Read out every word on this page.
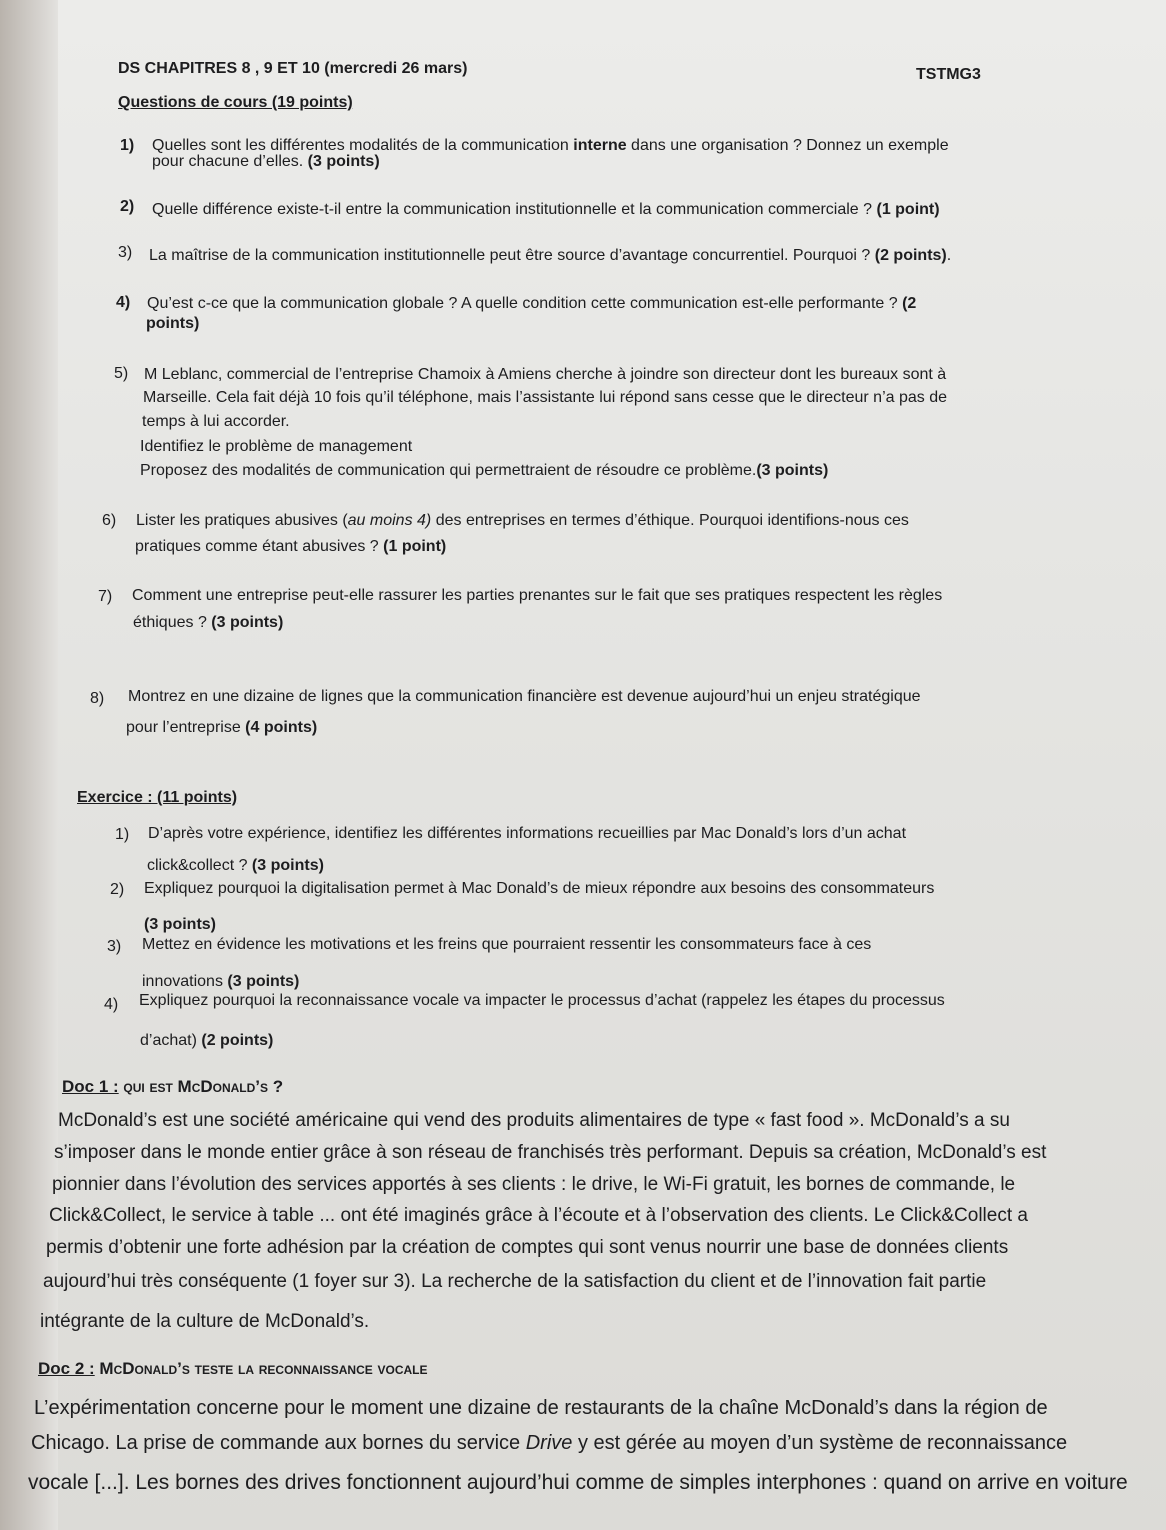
DS CHAPITRES 8 , 9 ET 10 (mercredi 26 mars)	TSTMG3
Questions de cours (19 points)
1) Quelles sont les différentes modalités de la communication interne dans une organisation ? Donnez un exemple
pour chacune d’elles. (3 points)
2) Quelle différence existe-t-il entre la communication institutionnelle et la communication commerciale ? (1 point)
3) La maîtrise de la communication institutionnelle peut être source d’avantage concurrentiel. Pourquoi ? (2 points).
4) Qu’est c-ce que la communication globale ? A quelle condition cette communication est-elle performante ? (2
points)
5) M Leblanc, commercial de l’entreprise Chamoix à Amiens cherche à joindre son directeur dont les bureaux sont à
Marseille. Cela fait déjà 10 fois qu’il téléphone, mais l’assistante lui répond sans cesse que le directeur n’a pas de
temps à lui accorder.
Identifiez le problème de management
Proposez des modalités de communication qui permettraient de résoudre ce problème.(3 points)
6) Lister les pratiques abusives (au moins 4) des entreprises en termes d’éthique. Pourquoi identifions-nous ces
pratiques comme étant abusives ? (1 point)
7) Comment une entreprise peut-elle rassurer les parties prenantes sur le fait que ses pratiques respectent les règles
éthiques ? (3 points)
8) Montrez en une dizaine de lignes que la communication financière est devenue aujourd’hui un enjeu stratégique
pour l’entreprise (4 points)
Exercice : (11 points)
1) D’après votre expérience, identifiez les différentes informations recueillies par Mac Donald’s lors d’un achat
click&collect ? (3 points)
2) Expliquez pourquoi la digitalisation permet à Mac Donald’s de mieux répondre aux besoins des consommateurs
(3 points)
3) Mettez en évidence les motivations et les freins que pourraient ressentir les consommateurs face à ces
innovations (3 points)
4) Expliquez pourquoi la reconnaissance vocale va impacter le processus d’achat (rappelez les étapes du processus
d’achat) (2 points)
Doc 1 : qui est McDonald’s ?
McDonald’s est une société américaine qui vend des produits alimentaires de type « fast food ». McDonald’s a su
s’imposer dans le monde entier grâce à son réseau de franchisés très performant. Depuis sa création, McDonald’s est
pionnier dans l’évolution des services apportés à ses clients : le drive, le Wi-Fi gratuit, les bornes de commande, le
Click&Collect, le service à table ... ont été imaginés grâce à l’écoute et à l’observation des clients. Le Click&Collect a
permis d’obtenir une forte adhésion par la création de comptes qui sont venus nourrir une base de données clients
aujourd’hui très conséquente (1 foyer sur 3). La recherche de la satisfaction du client et de l’innovation fait partie
intégrante de la culture de McDonald’s.
Doc 2 : McDonald’s teste la reconnaissance vocale
L’expérimentation concerne pour le moment une dizaine de restaurants de la chaîne McDonald’s dans la région de
Chicago. La prise de commande aux bornes du service Drive y est gérée au moyen d’un système de reconnaissance
vocale [...]. Les bornes des drives fonctionnent aujourd’hui comme de simples interphones : quand on arrive en voiture
